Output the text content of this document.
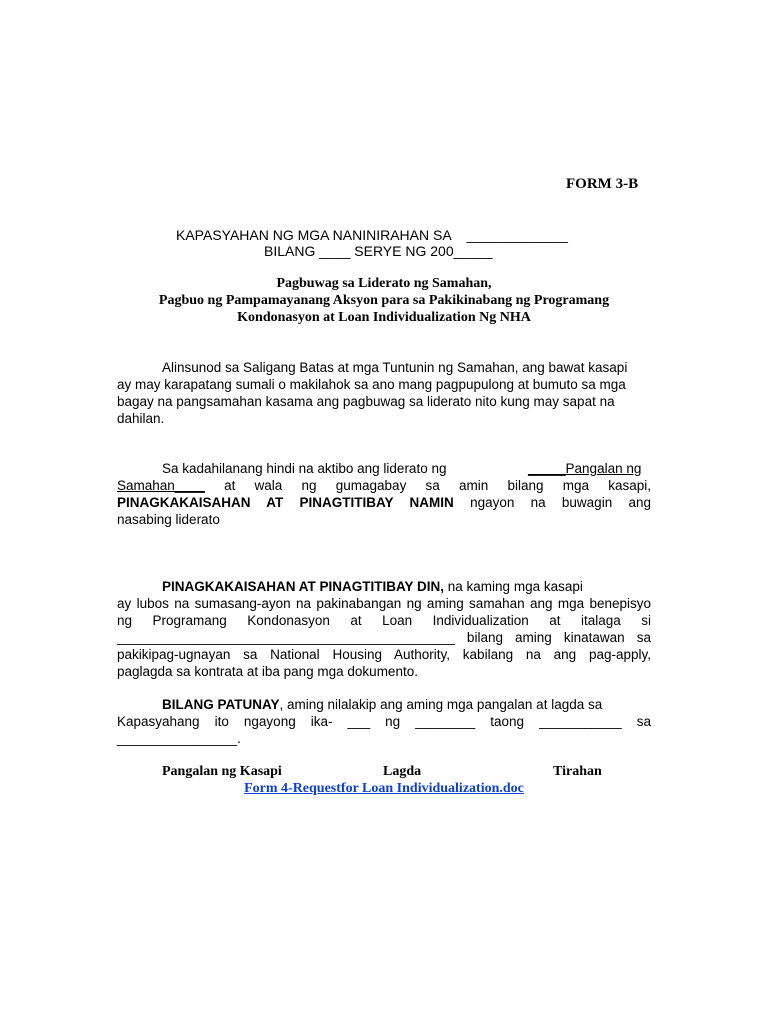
FORM 3-B
KAPASYAHAN NG MGA NANINIRAHAN SA _____________
BILANG ____ SERYE NG 200_____
Pagbuwag sa Liderato ng Samahan,
Pagbuo ng Pampamayanang Aksyon para sa Pakikinabang ng Programang
Kondonasyon at Loan Individualization Ng NHA
Alinsunod sa Saligang Batas at mga Tuntunin ng Samahan, ang bawat kasapi
ay may karapatang sumali o makilahok sa ano mang pagpupulong at bumuto sa mga
bagay na pangsamahan kasama ang pagbuwag sa liderato nito kung may sapat na
dahilan.
Sa kadahilanang hindi na aktibo ang liderato ng	_____Pangalan ng
Samahan____ at wala ng gumagabay sa amin bilang mga kasapi,
PINAGKAKAISAHAN AT PINAGTITIBAY NAMIN ngayon na buwagin ang
nasabing liderato
PINAGKAKAISAHAN AT PINAGTITIBAY DIN, na kaming mga kasapi
ay lubos na sumasang-ayon na pakinabangan ng aming samahan ang mga benepisyo
ng Programang Kondonasyon at Loan Individualization at italaga si
_____________________________________________ bilang aming kinatawan sa
pakikipag-ugnayan sa National Housing Authority, kabilang na ang pag-apply,
paglagda sa kontrata at iba pang mga dokumento.
BILANG PATUNAY, aming nilalakip ang aming mga pangalan at lagda sa
Kapasyahang ito ngayong ika- ___ ng ________ taong ___________ sa
________________.
Pangalan ng Kasapi	Lagda	Tirahan
Form 4-Requestfor Loan Individualization.doc
